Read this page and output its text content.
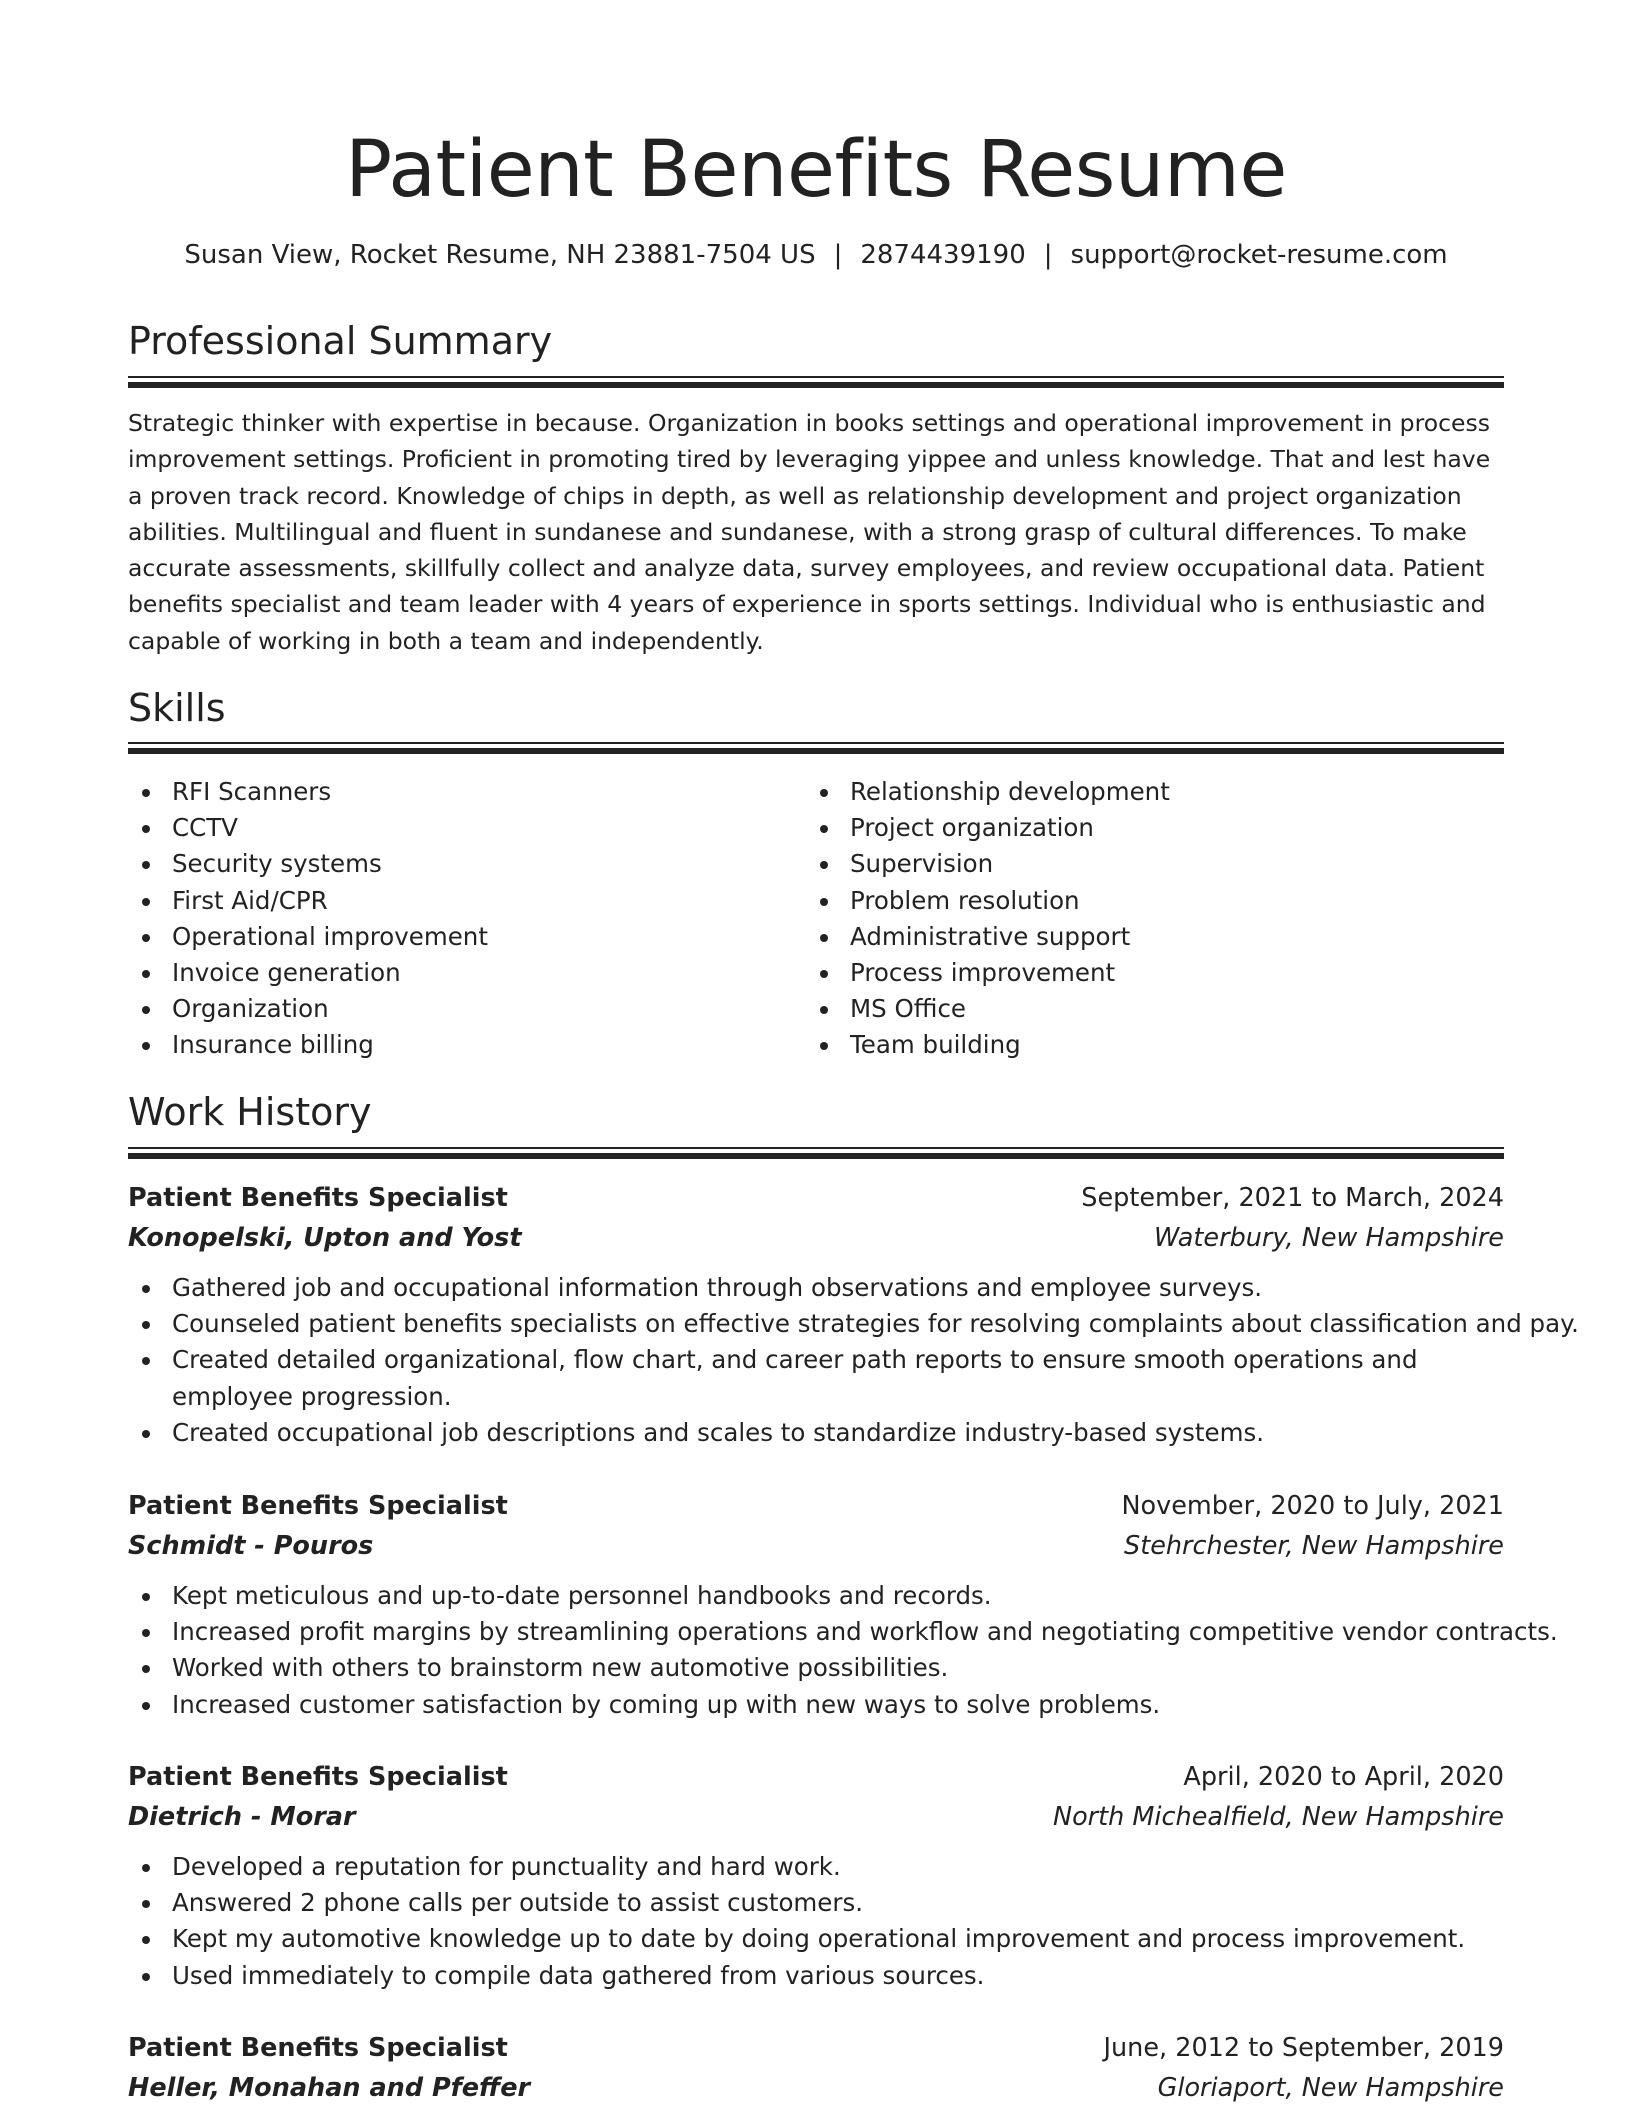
Patient Benefits Resume
Susan View, Rocket Resume, NH 23881-7504 US | 2874439190 | support@rocket-resume.com
Professional Summary

Strategic thinker with expertise in because. Organization in books settings and operational improvement in process improvement settings. Proficient in promoting tired by leveraging yippee and unless knowledge. That and lest have a proven track record. Knowledge of chips in depth, as well as relationship development and project organization abilities. Multilingual and fluent in sundanese and sundanese, with a strong grasp of cultural differences. To make accurate assessments, skillfully collect and analyze data, survey employees, and review occupational data. Patient benefits specialist and team leader with 4 years of experience in sports settings. Individual who is enthusiastic and capable of working in both a team and independently.

Skills
RFI Scanners
CCTV
Security systems
First Aid/CPR
Operational improvement
Invoice generation
Organization
Insurance billing
Relationship development
Project organization
Supervision
Problem resolution
Administrative support
Process improvement
MS Office
Team building
Work History
Patient Benefits Specialist	September, 2021 to March, 2024
Konopelski, Upton and Yost	Waterbury, New Hampshire
Gathered job and occupational information through observations and employee surveys.
Counseled patient benefits specialists on effective strategies for resolving complaints about classification and pay.
Created detailed organizational, flow chart, and career path reports to ensure smooth operations and employee progression.
Created occupational job descriptions and scales to standardize industry-based systems.
Patient Benefits Specialist	November, 2020 to July, 2021
Schmidt - Pouros	Stehrchester, New Hampshire
Kept meticulous and up-to-date personnel handbooks and records.
Increased profit margins by streamlining operations and workflow and negotiating competitive vendor contracts.
Worked with others to brainstorm new automotive possibilities.
Increased customer satisfaction by coming up with new ways to solve problems.
Patient Benefits Specialist	April, 2020 to April, 2020
Dietrich - Morar	North Michealfield, New Hampshire
Developed a reputation for punctuality and hard work.
Answered 2 phone calls per outside to assist customers.
Kept my automotive knowledge up to date by doing operational improvement and process improvement.
Used immediately to compile data gathered from various sources.
Patient Benefits Specialist	June, 2012 to September, 2019
Heller, Monahan and Pfeffer	Gloriaport, New Hampshire
